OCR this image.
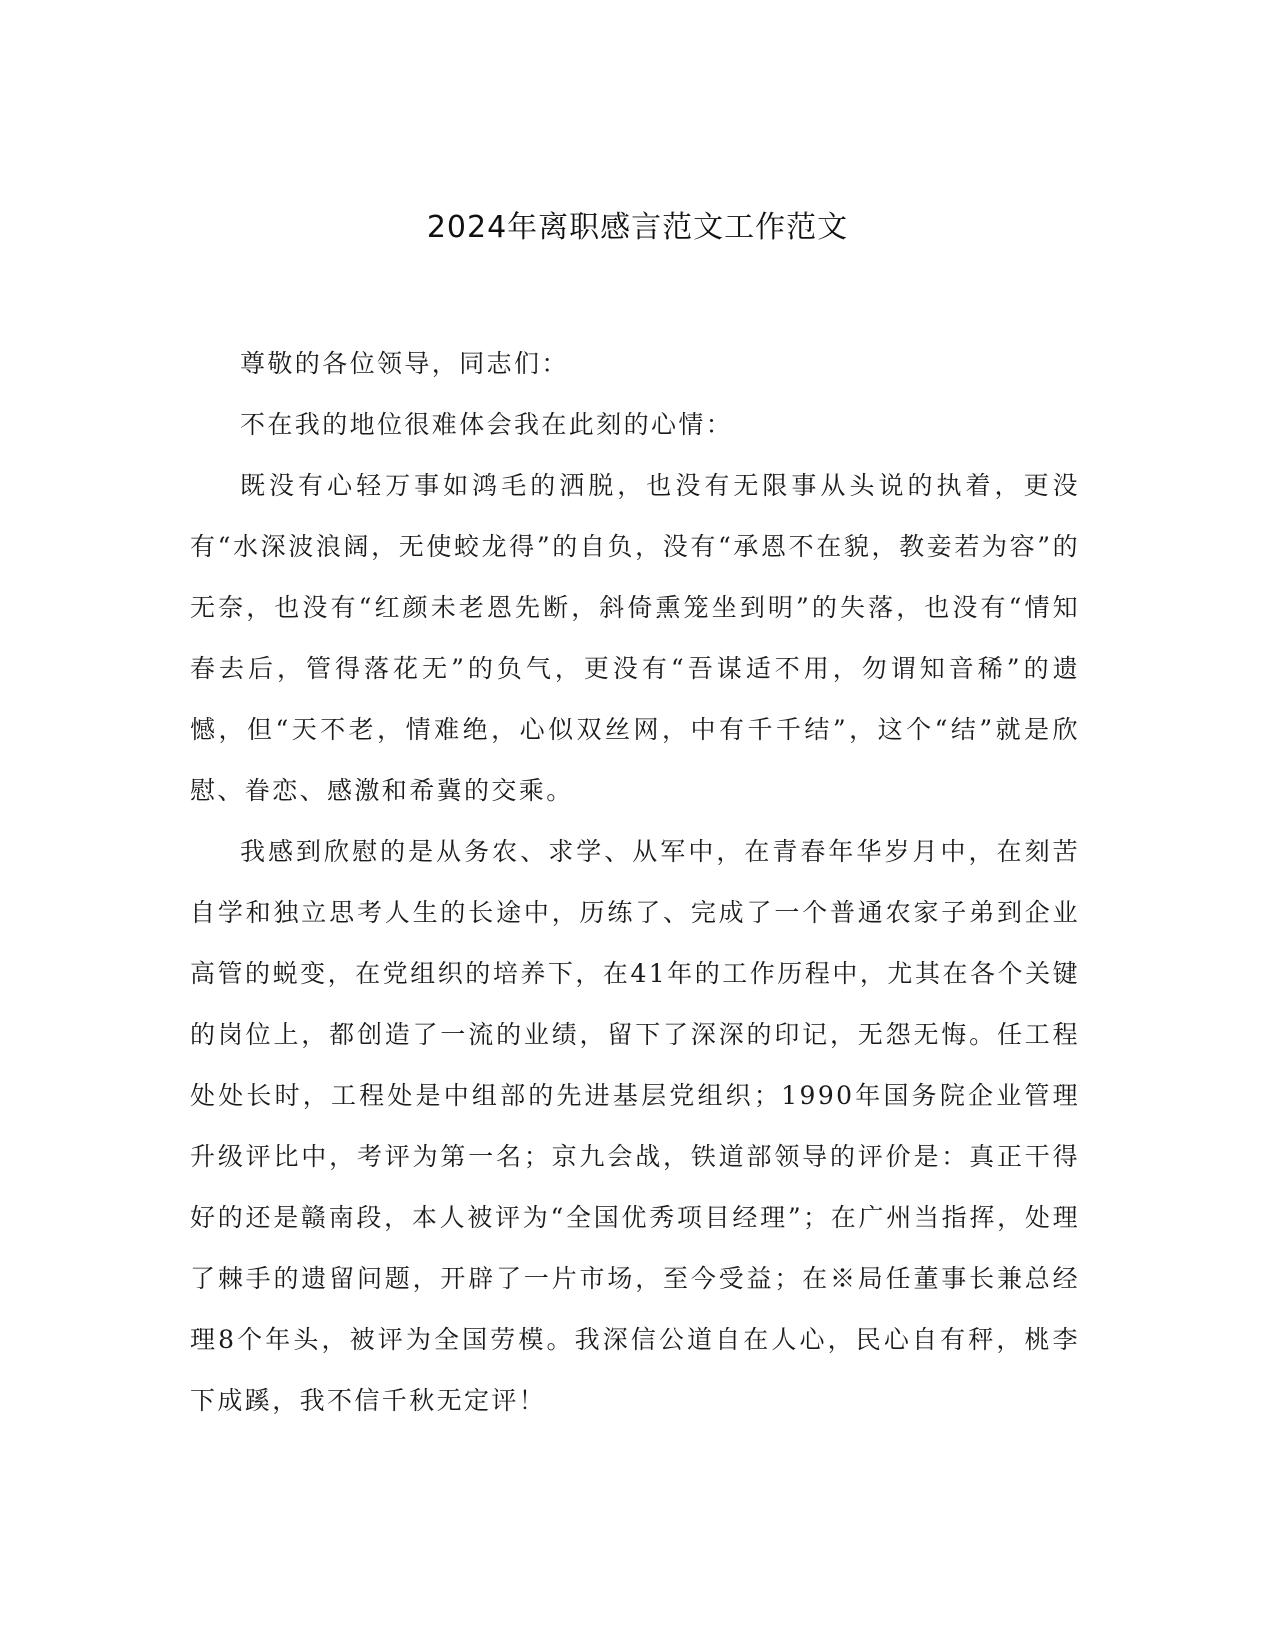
2024年离职感言范文工作范文

尊敬的各位领导，同志们：

不在我的地位很难体会我在此刻的心情：

既没有心轻万事如鸿毛的洒脱，也没有无限事从头说的执着，更没有“水深波浪阔，无使蛟龙得”的自负，没有“承恩不在貌，教妾若为容”的无奈，也没有“红颜未老恩先断，斜倚熏笼坐到明”的失落，也没有“情知春去后，管得落花无”的负气，更没有“吾谋适不用，勿谓知音稀”的遗憾，但“天不老，情难绝，心似双丝网，中有千千结”，这个“结”就是欣慰、眷恋、感激和希冀的交乘。

我感到欣慰的是从务农、求学、从军中，在青春年华岁月中，在刻苦自学和独立思考人生的长途中，历练了、完成了一个普通农家子弟到企业高管的蜕变，在党组织的培养下，在41年的工作历程中，尤其在各个关键的岗位上，都创造了一流的业绩，留下了深深的印记，无怨无悔。任工程处处长时，工程处是中组部的先进基层党组织；1990年国务院企业管理升级评比中，考评为第一名；京九会战，铁道部领导的评价是：真正干得好的还是赣南段，本人被评为“全国优秀项目经理”；在广州当指挥，处理了棘手的遗留问题，开辟了一片市场，至今受益；在※局任董事长兼总经理8个年头，被评为全国劳模。我深信公道自在人心，民心自有秤，桃李下成蹊，我不信千秋无定评！
